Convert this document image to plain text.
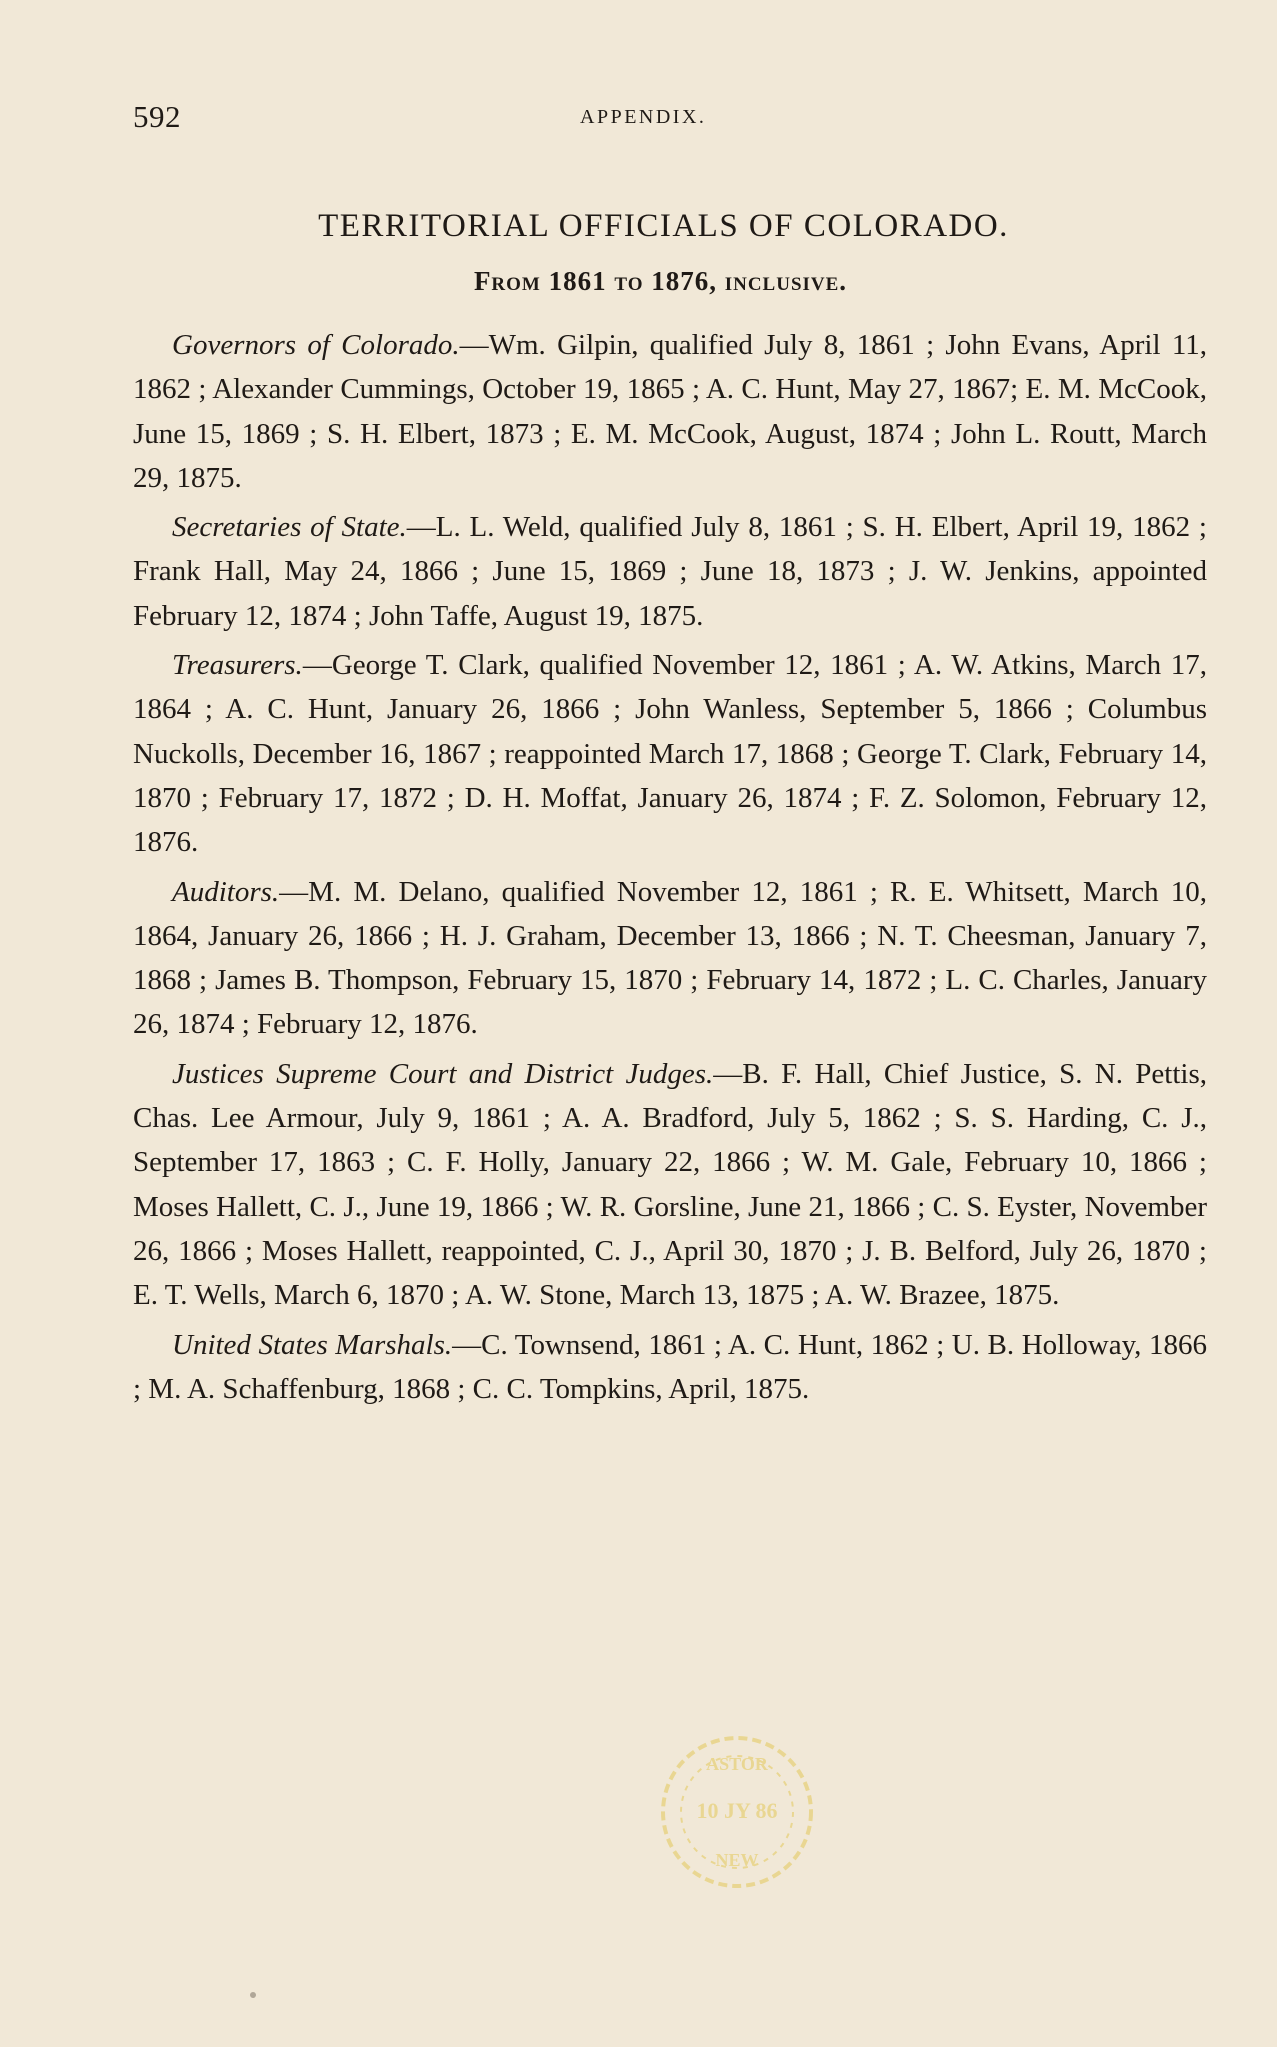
592	APPENDIX.
TERRITORIAL OFFICIALS OF COLORADO.
From 1861 to 1876, inclusive.

Governors of Colorado.—Wm. Gilpin, qualified July 8, 1861 ; John Evans, April 11, 1862 ; Alexander Cummings, October 19, 1865 ; A. C. Hunt, May 27, 1867; E. M. McCook, June 15, 1869 ; S. H. Elbert, 1873 ; E. M. McCook, August, 1874 ; John L. Routt, March 29, 1875.

Secretaries of State.—L. L. Weld, qualified July 8, 1861 ; S. H. Elbert, April 19, 1862 ; Frank Hall, May 24, 1866 ; June 15, 1869 ; June 18, 1873 ; J. W. Jenkins, appointed February 12, 1874 ; John Taffe, August 19, 1875.

Treasurers.—George T. Clark, qualified November 12, 1861 ; A. W. Atkins, March 17, 1864 ; A. C. Hunt, January 26, 1866 ; John Wanless, September 5, 1866 ; Columbus Nuckolls, December 16, 1867 ; reappointed March 17, 1868 ; George T. Clark, February 14, 1870 ; February 17, 1872 ; D. H. Moffat, January 26, 1874 ; F. Z. Solomon, February 12, 1876.

Auditors.—M. M. Delano, qualified November 12, 1861 ; R. E. Whitsett, March 10, 1864, January 26, 1866 ; H. J. Graham, December 13, 1866 ; N. T. Cheesman, January 7, 1868 ; James B. Thompson, February 15, 1870 ; February 14, 1872 ; L. C. Charles, January 26, 1874 ; February 12, 1876.

Justices Supreme Court and District Judges.—B. F. Hall, Chief Justice, S. N. Pettis, Chas. Lee Armour, July 9, 1861 ; A. A. Bradford, July 5, 1862 ; S. S. Harding, C. J., September 17, 1863 ; C. F. Holly, January 22, 1866 ; W. M. Gale, February 10, 1866 ; Moses Hallett, C. J., June 19, 1866 ; W. R. Gorsline, June 21, 1866 ; C. S. Eyster, November 26, 1866 ; Moses Hallett, reappointed, C. J., April 30, 1870 ; J. B. Belford, July 26, 1870 ; E. T. Wells, March 6, 1870 ; A. W. Stone, March 13, 1875 ; A. W. Brazee, 1875.

United States Marshals.—C. Townsend, 1861 ; A. C. Hunt, 1862 ; U. B. Holloway, 1866 ; M. A. Schaffenburg, 1868 ; C. C. Tompkins, April, 1875.

10 JY 86
ASTOR
NEW
